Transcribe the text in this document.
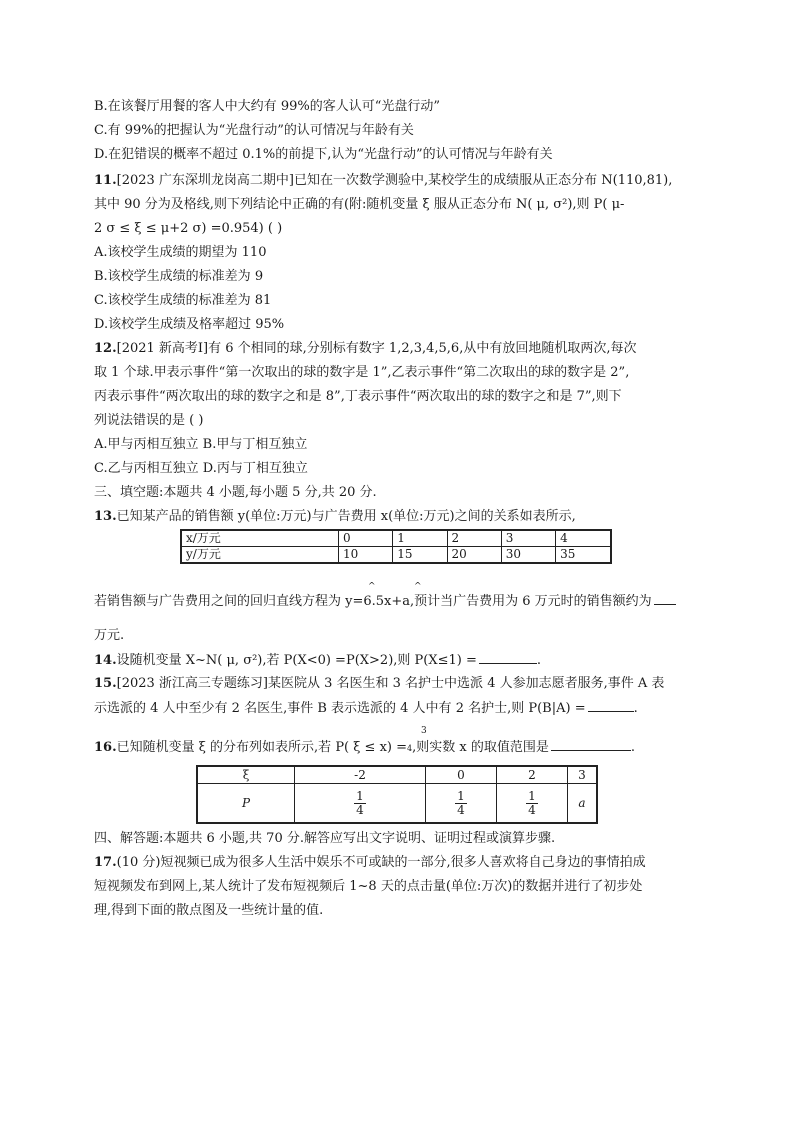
B.在该餐厅用餐的客人中大约有 99%的客人认可“光盘行动”
C.有 99%的把握认为“光盘行动”的认可情况与年龄有关
D.在犯错误的概率不超过 0.1%的前提下,认为“光盘行动”的认可情况与年龄有关
11.[2023 广东深圳龙岗高二期中]已知在一次数学测验中,某校学生的成绩服从正态分布 N(110,81),
其中 90 分为及格线,则下列结论中正确的有(附:随机变量 ξ 服从正态分布 N( μ, σ²),则 P( μ-
2 σ ≤ ξ ≤ μ+2 σ) =0.954) ( )
A.该校学生成绩的期望为 110
B.该校学生成绩的标准差为 9
C.该校学生成绩的标准差为 81
D.该校学生成绩及格率超过 95%
12.[2021 新高考Ⅰ]有 6 个相同的球,分别标有数字 1,2,3,4,5,6,从中有放回地随机取两次,每次
取 1 个球.甲表示事件“第一次取出的球的数字是 1”,乙表示事件“第二次取出的球的数字是 2”,
丙表示事件“两次取出的球的数字之和是 8”,丁表示事件“两次取出的球的数字之和是 7”,则下
列说法错误的是 ( )
A.甲与丙相互独立 B.甲与丁相互独立
C.乙与丙相互独立 D.丙与丁相互独立
三、填空题:本题共 4 小题,每小题 5 分,共 20 分.
13.已知某产品的销售额 y(单位:万元)与广告费用 x(单位:万元)之间的关系如表所示,
x/万元	0	1	2	3	4
y/万元	10	15	20	30	35
^	^
若销售额与广告费用之间的回归直线方程为 y=6.5x+a,预计当广告费用为 6 万元时的销售额约为
万元.
14.设随机变量 X~N( μ, σ²),若 P(X<0) =P(X>2),则 P(X≤1) =	.
15.[2023 浙江高三专题练习]某医院从 3 名医生和 3 名护士中选派 4 人参加志愿者服务,事件 A 表
示选派的 4 人中至少有 2 名医生,事件 B 表示选派的 4 人中有 2 名护士,则 P(B|A) =	.
3
16.已知随机变量 ξ 的分布列如表所示,若 P( ξ ≤ x) =4,则实数 x 的取值范围是	.
ξ	-2	0	2	3
P	$\frac{1}{4}$	$\frac{1}{4}$	$\frac{1}{4}$	a
四、解答题:本题共 6 小题,共 70 分.解答应写出文字说明、证明过程或演算步骤.
17.(10 分)短视频已成为很多人生活中娱乐不可或缺的一部分,很多人喜欢将自己身边的事情拍成
短视频发布到网上,某人统计了发布短视频后 1~8 天的点击量(单位:万次)的数据并进行了初步处
理,得到下面的散点图及一些统计量的值.
